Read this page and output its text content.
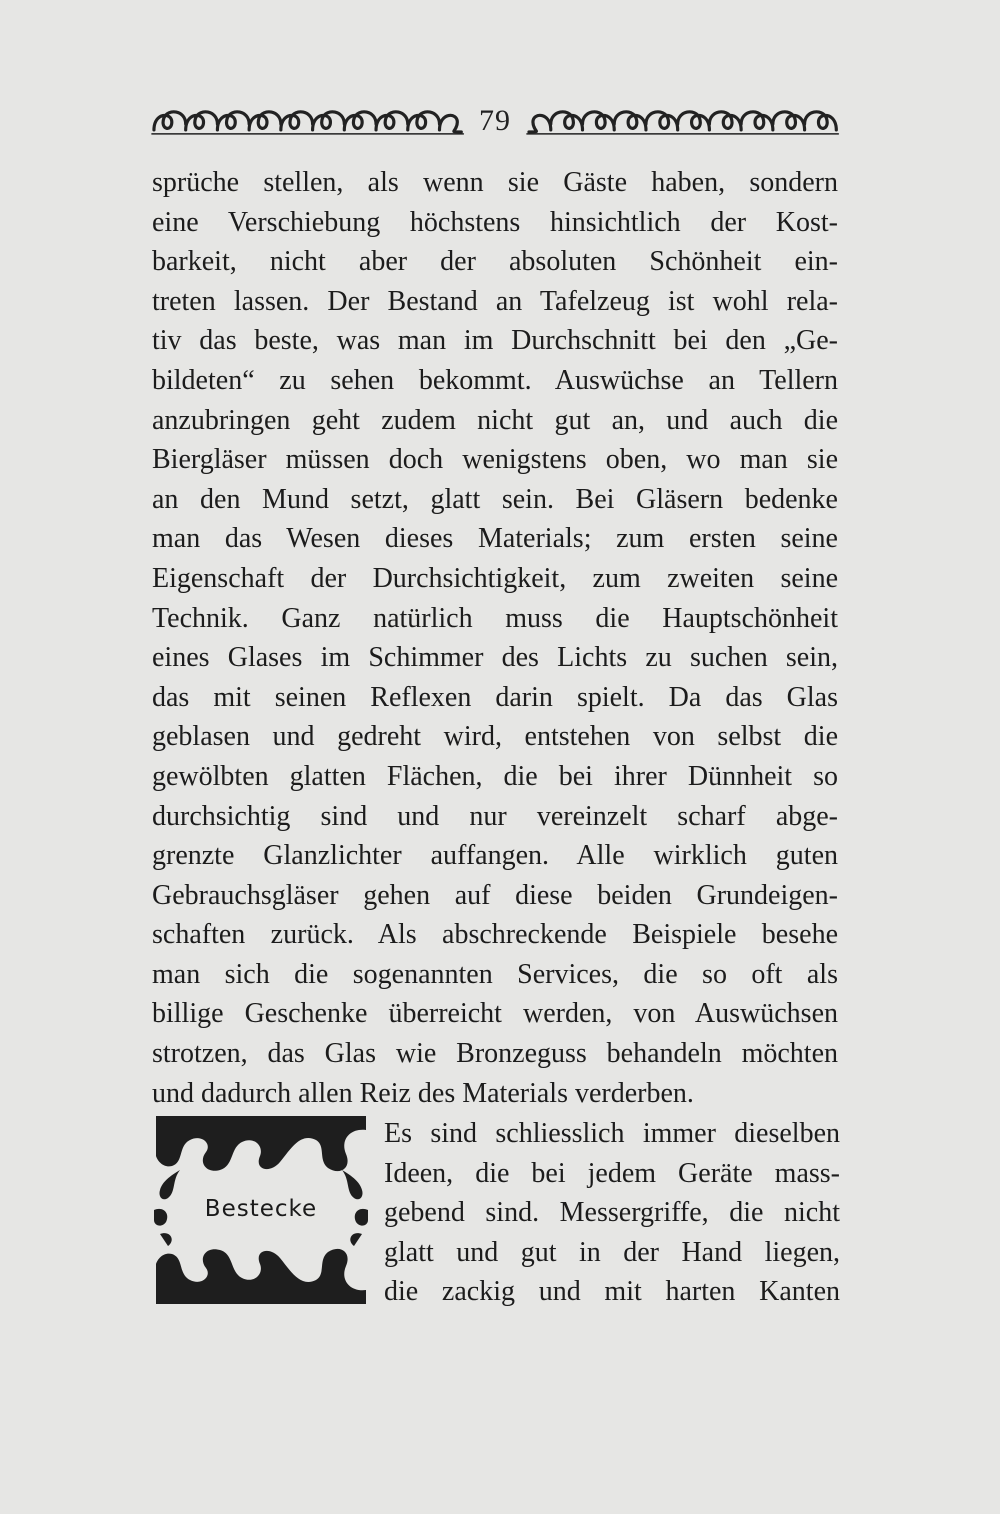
79
sprüche stellen, als wenn sie Gäste haben, sondern
eine Verschiebung höchstens hinsichtlich der Kost-
barkeit, nicht aber der absoluten Schönheit ein-
treten lassen. Der Bestand an Tafelzeug ist wohl rela-
tiv das beste, was man im Durchschnitt bei den „Ge-
bildeten“ zu sehen bekommt. Auswüchse an Tellern
anzubringen geht zudem nicht gut an, und auch die
Biergläser müssen doch wenigstens oben, wo man sie
an den Mund setzt, glatt sein. Bei Gläsern bedenke
man das Wesen dieses Materials; zum ersten seine
Eigenschaft der Durchsichtigkeit, zum zweiten seine
Technik. Ganz natürlich muss die Hauptschönheit
eines Glases im Schimmer des Lichts zu suchen sein,
das mit seinen Reflexen darin spielt. Da das Glas
geblasen und gedreht wird, entstehen von selbst die
gewölbten glatten Flächen, die bei ihrer Dünnheit so
durchsichtig sind und nur vereinzelt scharf abge-
grenzte Glanzlichter auffangen. Alle wirklich guten
Gebrauchsgläser gehen auf diese beiden Grundeigen-
schaften zurück. Als abschreckende Beispiele besehe
man sich die sogenannten Services, die so oft als
billige Geschenke überreicht werden, von Auswüchsen
strotzen, das Glas wie Bronzeguss behandeln möchten
und dadurch allen Reiz des Materials verderben.
Bestecke
Es sind schliesslich immer dieselben
Ideen, die bei jedem Geräte mass-
gebend sind. Messergriffe, die nicht
glatt und gut in der Hand liegen,
die zackig und mit harten Kanten
